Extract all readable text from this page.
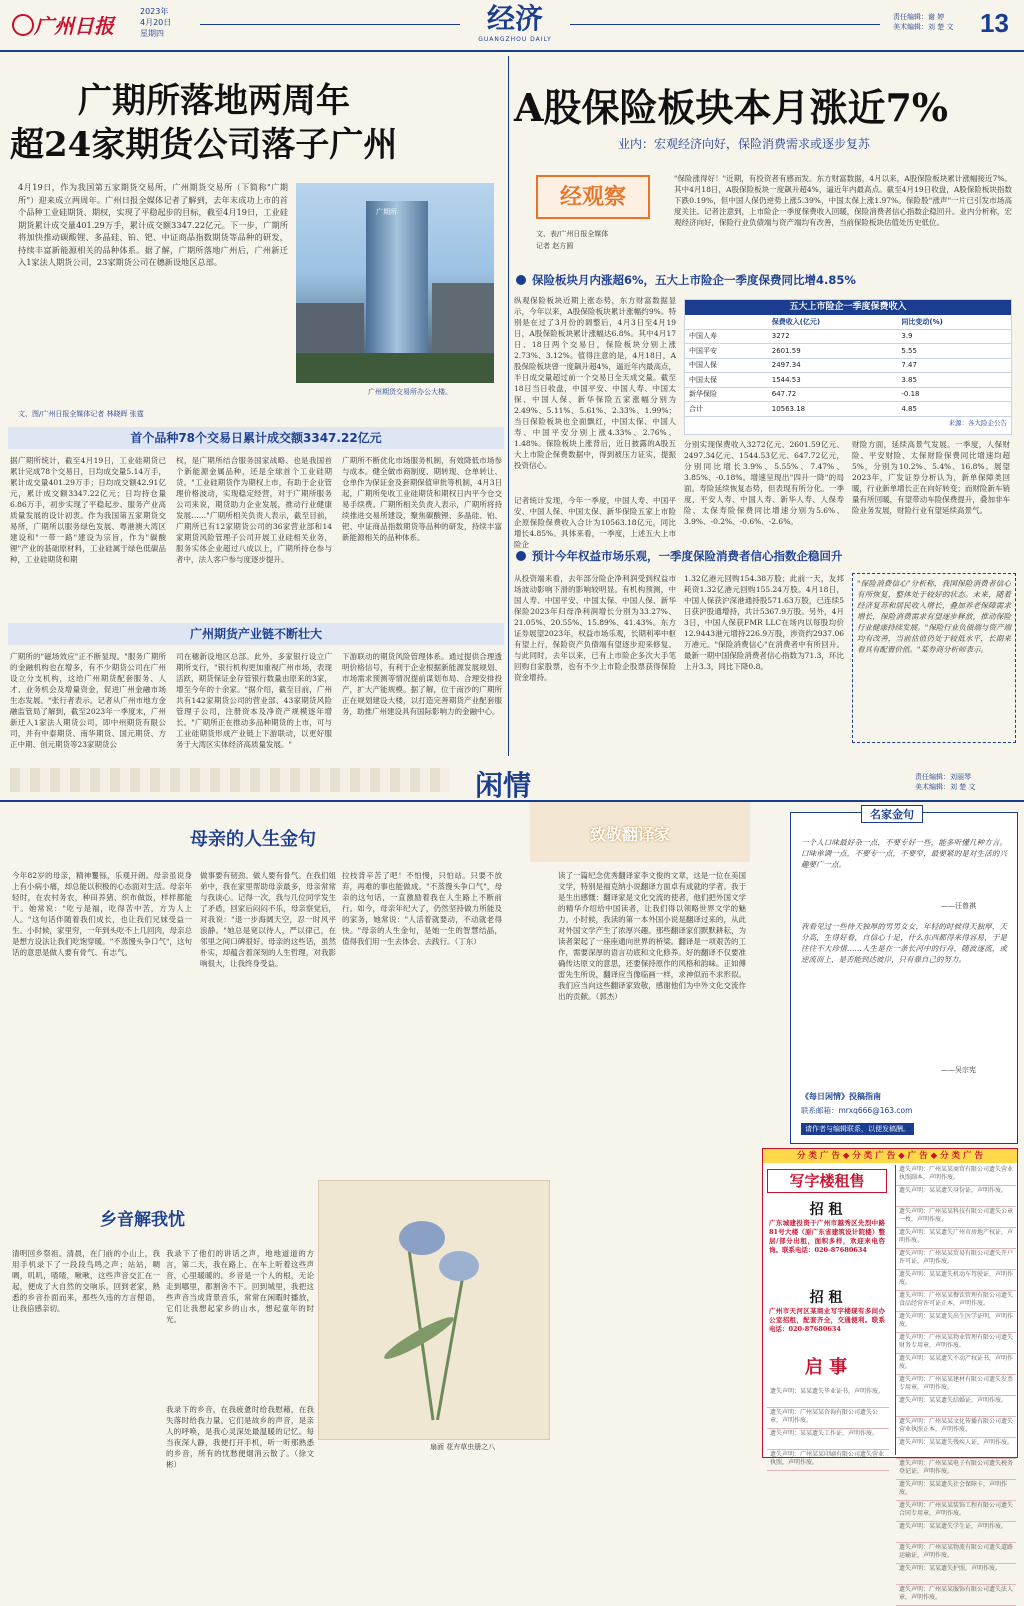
广州日报
2023年
4月20日
星期四	经济
GUANGZHOU DAILY
责任编辑：谢 婷
美术编辑：刘 楚 文 13
广期所落地两周年
超24家期货公司落子广州
4月19日，作为我国第五家期货交易所，广州期货交易所（下简称"广期所"）迎来成立两周年。广州日报全媒体记者了解到，去年末成功上市的首个品种工业硅期货、期权，实现了平稳起步的目标，截至4月19日，工业硅期货累计成交量401.29万手，累计成交额3347.22亿元。下一步，广期所将加快推动碳酸锂、多晶硅、铂、钯、中证商品指数期货等品种的研发，持续丰富新能源相关的品种体系。据了解，广期所落地广州后，广州新迁入1家法人期货公司，23家期货公司在穗新设地区总部。
文、图/广州日报全媒体记者 林晓晖 张霆
广期所
广州期货交易所办公大楼。
首个品种78个交易日累计成交额3347.22亿元
据广期所统计，截至4月19日，工业硅期货已累计完成78个交易日，日均成交量5.14万手，累计成交量401.29万手；日均成交额42.91亿元，累计成交额3347.22亿元；日均持仓量6.86万手，初步实现了平稳起步、服务产业高质量发展的设计初衷。作为我国第五家期货交易所，广期所以服务绿色发展、粤港澳大湾区建设和"一带一路"建设为宗旨，作为"碳酸锂"产业的基础原材料，工业硅属于绿色低碳品种，工业硅期货和期
权，是广期所结合服务国家战略、也是我国首个新能源金属品种，还是全球首个工业硅期货。"工业硅期货作为期权上市，有助于企业管理价格波动，实现稳定经营，对于广期所服务公司来说，期货助力企业发展，推动行业健康发展……"广期所相关负责人表示，截至目前，广期所已有12家期货公司的36家营业部和14家期货风险管理子公司开展工业硅相关业务，服务实体企业超过八成以上，广期所持仓参与者中，法人客户参与度逐步提升。
广期所不断优化市场服务机制，有效降低市场参与成本。健全做市商制度、期转现、仓单转让、仓单作为保证金及套期保值审批等机制，4月3日起，广期所免收工业硅期货和期权日内平今仓交易手续费。广期所相关负责人表示，广期所将持续推进交易所建设，聚焦碳酸锂、多晶硅、铂、钯、中证商品指数期货等品种的研发，持续丰富新能源相关的品种体系。
广州期货产业链不断壮大
广期所的"磁场效应"正不断显现。"服务广期所的金融机构也在增多，有不少期货公司在广州设立分支机构，这给广州期货配套服务、人才、业务机会及增量资金，促进广州金融市场生态发展。"张行者表示。记者从广州市地方金融监管局了解到，截至2023年一季度末，广州新迁入1家法人期货公司，即中州期货有限公司，并有中泰期货、南华期货、国元期货、方正中期、创元期货等23家期货公
司在穗新设地区总部。此外，多家银行设立广期所支行，"银行机构更加重视广州市场，表现活跃，期货保证金存管银行数量由原来的3家，增至今年的十余家。"据介绍，截至目前，广州共有142家期货公司的营业部、43家期货风险管理子公司，注册资本及净资产规模逐年增长。"广期所正在推动多品种期货的上市，可与工业硅期货形成产业链上下游联动，以更好服务于大湾区实体经济高质量发展。"
下游联动的期货风险管理体系。通过提供合理透明价格信号，有利于企业根据新能源发展规划、市场需求预测等情况提前谋划布局、合理安排投产，扩大产能规模。据了解，位于南沙的广期所正在规划建设大楼，以打造完善期货产业配套服务，助推广州建设具有国际影响力的金融中心。
A股保险板块本月涨近7%
业内：宏观经济向好，保险消费需求或逐步复苏
经观察
文、表/广州日报全媒体
记者 赵方圆
"保险涨得好！"近期，有投资者有感而发。东方财富数据，4月以来，A股保险板块累计涨幅接近7%。其中4月18日，A股保险板块一度飙升超4%，逼近年内最高点。截至4月19日收盘，A股保险板块指数下跌0.19%，但中国人保仍逆势上涨5.39%，中国太保上涨1.97%。保险股"涨声"一片已引发市场高度关注。记者注意到，上市险企一季度保费收入回暖，保险消费者信心指数企稳回升。业内分析称，宏观经济向好，保险行业负债端与资产端均有改善，当前保险板块估值处历史低位。
保险板块月内涨超6%，五大上市险企一季度保费同比增4.85%
纵观保险板块近期上涨态势，东方财富数据显示，今年以来，A股保险板块累计涨幅约9%。特别是在过了3月份的调整后，4月3日至4月19日，A股保险板块累计涨幅达6.8%。其中4月17日、18日两个交易日，保险板块分别上涨2.73%、3.12%。值得注意的是，4月18日，A股保险板块曾一度飙升超4%，逼近年内最高点，半日成交量超过前一个交易日全天成交量。截至18日当日收盘，中国平安、中国人寿、中国太保、中国人保、新华保险五家涨幅分别为2.49%、5.11%、5.61%、2.33%、1.99%；当日保险板块也全面飘红，中国太保、中国人寿、中国平安分别上涨4.33%、2.76%、1.48%。保险板块上涨背后，近日披露的A股五大上市险企保费数据中，得到被压力证实，提振投资信心。
记者统计发现，今年一季度，中国人寿、中国平安、中国人保、中国太保、新华保险五家上市险企原保险保费收入合计为10563.18亿元，同比增长4.85%。具体来看，一季度，上述五大上市险企
五大上市险企一季度保费收入
	保费收入(亿元)	同比变动(%)
中国人寿	3272	3.9
中国平安	2601.59	5.55
中国人保	2497.34	7.47
中国太保	1544.53	3.85
新华保险	647.72	-0.18
合计	10563.18	4.85
来源：各大险企公告
分别实现保费收入3272亿元、2601.59亿元、2497.34亿元、1544.53亿元、647.72亿元，分别同比增长3.9%、5.55%、7.47%、3.85%、-0.18%。增速呈现出"四升一降"的局面。寿险延续恢复态势，但表现有所分化。一季度，平安人寿、中国人寿、新华人寿、人保寿险、太保寿险保费同比增速分别为5.6%、3.9%、-0.2%、-0.6%、-2.6%。
财险方面，延续高景气发展。一季度，人保财险、平安财险、太保财险保费同比增速均超5%，分别为10.2%、5.4%、16.8%。展望2023年，广发证券分析认为，新单保障类回暖，行业新单增长正在向好转变；而财险新车销量有所回暖，有望带动车险保费提升，叠加非车险业务发展，财险行业有望延续高景气。
预计今年权益市场乐观，一季度保险消费者信心指数企稳回升
从投资端来看，去年部分险企净利润受到权益市场波动影响下滑的影响较明显。有机构预测，中国人寿、中国平安、中国太保、中国人保、新华保险2023年归母净利润增长分别为33.27%、21.05%、20.55%、15.89%、41.43%。东方证券展望2023年，权益市场乐观，长期利率中枢有望上行，保险资产负债端有望逐步迎来修复。与此同时，去年以来，已有上市险企多次大手笔回购自家股票，也有不少上市险企股票获得保险资金增持。
1.32亿港元回购154.38万股；此前一天，友邦耗资1.32亿港元回购155.24万股。4月18日，中国人保获沪深港通持股571.63万股，已连续5日获沪股通增持，共计5367.9万股。另外，4月3日，中国人保获FMR LLC在场内以每股均价12.9443港元增持226.9万股，涉资约2937.06万港元。"保险消费信心"在消费者中有所回升。最新一期中国保险消费者信心指数为71.3，环比上升3.3，同比下降0.8。
"保险消费信心"分析称，我国保险消费者信心有所恢复，整体处于较好的状态。未来，随着经济复苏和居民收入增长，叠加养老保障需求增长，保险消费需求有望逐步释放，推动保险行业健康持续发展。"保险行业负债端与资产端均有改善，当前估值仍处于较低水平，长期来看具有配置价值。"某券商分析师表示。
闲情	责任编辑：刘丽琴
美术编辑：刘 楚 文
母亲的人生金句
今年82岁的母亲，精神矍铄，乐观开朗。母亲虽说身上有小病小痛，却总能以积极的心态面对生活。母亲年轻时，在农村务农，种田养猪、织布做饭，样样都能干。她常说："吃亏是福，吃得苦中苦，方为人上人。"这句话伴随着我们成长，也让我们兄妹受益一生。小时候，家里穷，一年到头吃不上几回肉，母亲总是想方设法让我们吃饱穿暖。"不蒸馒头争口气"，这句话的意思是做人要有骨气、有志气。
做事要有韧劲。做人要有骨气。在我们姐弟中，我在家里帮助母亲最多，母亲常常与我谈心。记得一次，我与几位同学发生了矛盾，回家后闷闷不乐，母亲察觉后，对我说："退一步海阔天空，忍一时风平浪静。"她总是宽以待人，严以律己，在邻里之间口碑很好。母亲的这些话，虽然朴实，却蕴含着深刻的人生哲理，对我影响很大，让我终身受益。
拉枝背辛苦了吧！不怕慢，只怕站。只要不放弃，再难的事也能做成。"不蒸馒头争口气"，母亲的这句话，一直激励着我在人生路上不断前行。如今，母亲年纪大了，仍然坚持做力所能及的家务，她常说："人活着就要动，不动就老得快。"母亲的人生金句，是她一生的智慧结晶，值得我们用一生去体会、去践行。（丁东）
致敬翻译家
读了一篇纪念优秀翻译家李文俊的文章，这是一位在美国文学，特别是福克纳小说翻译方面卓有成就的学者。我于是生出感慨：翻译家是文化交流的使者，他们把外国文学的精华介绍给中国读者，让我们得以领略世界文学的魅力。小时候，我读的第一本外国小说是翻译过来的，从此对外国文学产生了浓厚兴趣。那些翻译家们默默耕耘，为读者架起了一座座通向世界的桥梁。翻译是一项艰苦的工作，需要深厚的语言功底和文化修养。好的翻译不仅要准确传达原文的意思，还要保持原作的风格和韵味。正如傅雷先生所说，翻译应当像临画一样，求神似而不求形似。我们应当向这些翻译家致敬，感谢他们为中外文化交流作出的贡献。（郭杰）
名家金句
一个人口味最好杂一点，不要专好一些，能多听懂几种方言。口味单调一点，不要专一点，不要窄，最要紧的是对生活的兴趣要广一点。
——汪曾祺
我看见过一些侍天独厚的男男女女，年轻的时候得天独厚，天分高，生得好看，自信心十足，什么东西都得来得容易，于是往往不大珍惜……人生是在一条长河中的行舟，随波逐流，或逆流而上，是否能到达彼岸，只有靠自己的努力。
——吴宗宪
《每日闲情》投稿指南
联系邮箱：mrxq666@163.com
请作者与编辑联系，以便发稿酬。
乡音解我忧
清明回乡祭祖。清晨，在门前的小山上，我用手机录下了一段段鸟鸣之声；站站，啁啁，叽叽，喳喳，啾啾，这些声音交汇在一起，便成了大自然的交响乐。回到老家，熟悉的乡音扑面而来，那些久违的方言俚语，让我倍感亲切。
我录下了他们的讲话之声，地地道道的方言，第二天，我在路上、在车上听着这些声音，心里暖暖的。乡音是一个人的根，无论走到哪里，都割舍不下。回到城里，我把这些声音当成背景音乐，常常在闲暇时播放，它们让我想起家乡的山水，想起童年的时光。
扇面 花卉草虫册之八
我录下的乡音，在我疲惫时给我慰藉，在我失落时给我力量。它们是故乡的声音，是亲人的呼唤，是我心灵深处最温暖的记忆。每当夜深人静，我便打开手机，听一听那熟悉的乡音，所有的忧愁便烟消云散了。（徐文彬）
分 类 广 告 ◆ 分 类 广 告 ◆ 广 告 ◆ 分 类 广 告
写字楼租售
招 租
广东城建投资于广州市越秀区先烈中路81号大楼（原广东省建筑设计院楼）整层/部分出租，面积多样，欢迎来电咨询。联系电话：020-87680634
招 租
广州市天河区某商业写字楼现有多间办公室招租，配套齐全，交通便利。联系电话：020-87680634
启 事
遗失声明：某某遗失毕业证书，声明作废。
遗失声明：广州某某咨询有限公司遗失公章，声明作废。
遗失声明：某某遗失工作证，声明作废。
遗失声明：广州某某印刷有限公司遗失营业执照，声明作废。
遗失声明：广州某某商贸有限公司遗失营业执照副本，声明作废。
遗失声明：某某遗失身份证，声明作废。
遗失声明：广州某某科技有限公司遗失公章一枚，声明作废。
遗失声明：某某遗失广州市房地产权证，声明作废。
遗失声明：广州某某贸易有限公司遗失开户许可证，声明作废。
遗失声明：某某遗失机动车驾驶证，声明作废。
遗失声明：广州某某餐饮管理有限公司遗失食品经营许可证正本，声明作废。
遗失声明：某某遗失出生医学证明，声明作废。
遗失声明：广州某某物业管理有限公司遗失财务专用章，声明作废。
遗失声明：某某遗失不动产权证书，声明作废。
遗失声明：广州某某建材有限公司遗失发票专用章，声明作废。
遗失声明：某某遗失结婚证，声明作废。
遗失声明：广州某某文化传播有限公司遗失营业执照正本，声明作废。
遗失声明：某某遗失残疾人证，声明作废。
遗失声明：广州某某电子有限公司遗失税务登记证，声明作废。
遗失声明：某某遗失社会保障卡，声明作废。
遗失声明：广州某某装饰工程有限公司遗失合同专用章，声明作废。
遗失声明：某某遗失学生证，声明作废。
遗失声明：广州某某物流有限公司遗失道路运输证，声明作废。
遗失声明：某某遗失护照，声明作废。
遗失声明：广州某某服饰有限公司遗失法人章，声明作废。
